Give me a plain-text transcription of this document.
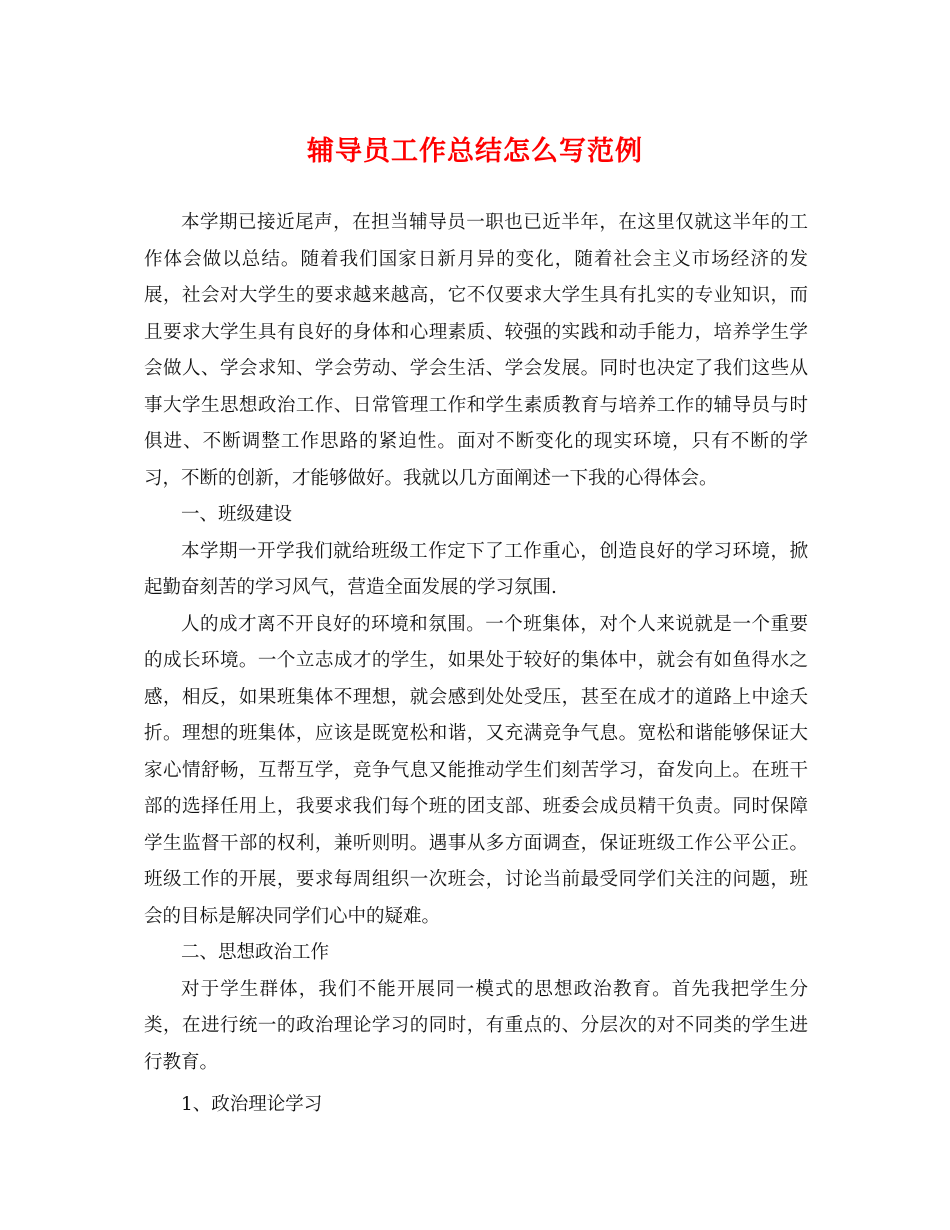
辅导员工作总结怎么写范例

本学期已接近尾声，在担当辅导员一职也已近半年，在这里仅就这半年的工作体会做以总结。随着我们国家日新月异的变化，随着社会主义市场经济的发展，社会对大学生的要求越来越高，它不仅要求大学生具有扎实的专业知识，而且要求大学生具有良好的身体和心理素质、较强的实践和动手能力，培养学生学会做人、学会求知、学会劳动、学会生活、学会发展。同时也决定了我们这些从事大学生思想政治工作、日常管理工作和学生素质教育与培养工作的辅导员与时俱进、不断调整工作思路的紧迫性。面对不断变化的现实环境，只有不断的学习，不断的创新，才能够做好。我就以几方面阐述一下我的心得体会。

一、班级建设

本学期一开学我们就给班级工作定下了工作重心，创造良好的学习环境，掀起勤奋刻苦的学习风气，营造全面发展的学习氛围.

人的成才离不开良好的环境和氛围。一个班集体，对个人来说就是一个重要的成长环境。一个立志成才的学生，如果处于较好的集体中，就会有如鱼得水之感，相反，如果班集体不理想，就会感到处处受压，甚至在成才的道路上中途夭折。理想的班集体，应该是既宽松和谐，又充满竞争气息。宽松和谐能够保证大家心情舒畅，互帮互学，竞争气息又能推动学生们刻苦学习，奋发向上。在班干部的选择任用上，我要求我们每个班的团支部、班委会成员精干负责。同时保障学生监督干部的权利，兼听则明。遇事从多方面调查，保证班级工作公平公正。班级工作的开展，要求每周组织一次班会，讨论当前最受同学们关注的问题，班会的目标是解决同学们心中的疑难。

二、思想政治工作

对于学生群体，我们不能开展同一模式的思想政治教育。首先我把学生分类，在进行统一的政治理论学习的同时，有重点的、分层次的对不同类的学生进行教育。

1、政治理论学习
